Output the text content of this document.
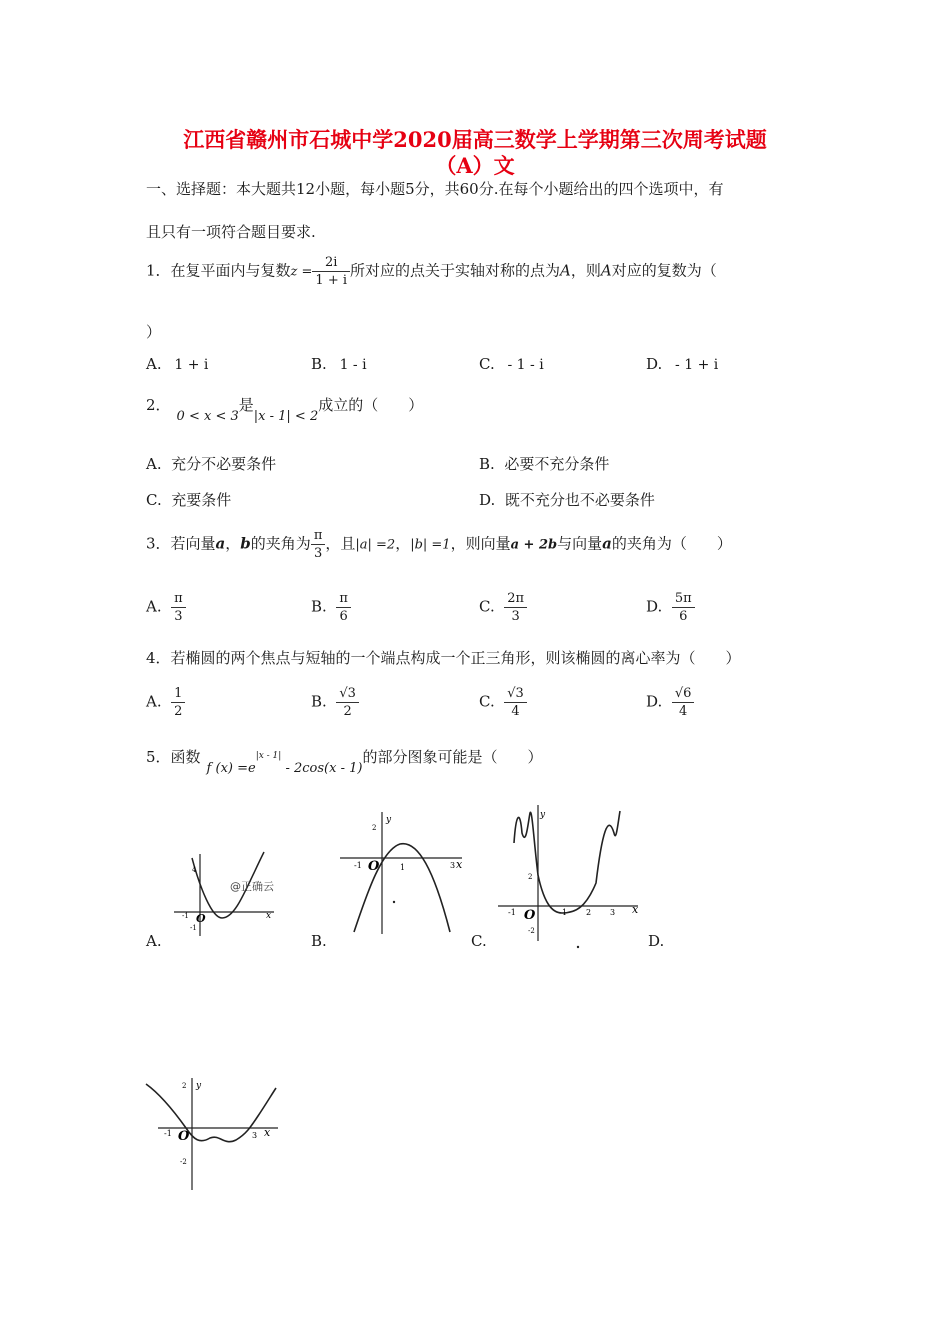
江西省赣州市石城中学2020届高三数学上学期第三次周考试题
（A）文
一、选择题：本大题共12小题，每小题5分，共60分.在每个小题给出的四个选项中，有
且只有一项符合题目要求.
1．在复平面内与复数$z = \frac{2i}{1 + i}$ 所对应的点关于实轴对称的点为A，则A对应的复数为（
）
A. 1 + i	B. 1 - i	C. - 1 - i	D. - 1 + i
2．0 < x < 3是|x - 1| < 2成立的（　　）
A. 充分不必要条件	B. 必要不充分条件
C. 充要条件	D. 既不充分也不必要条件
3．若向量a，b的夹角为 $\frac{\pi}{3}$ ，且|a| =2，|b| =1，则向量a + 2b与向量a的夹角为（　　）
A. $\frac{\pi}{3}$	B. $\frac{\pi}{6}$	C. $\frac{2\pi}{3}$	D. $\frac{5\pi}{6}$
4．若椭圆的两个焦点与短轴的一个端点构成一个正三角形，则该椭圆的离心率为（　　）
A. $\frac{1}{2}$	B. $\frac{√3}{2}$	C. $\frac{√3}{4}$	D. $\frac{√6}{4}$
5．函数f $(x) =e^{|x - 1|} - 2\cos(x - 1)$的部分图象可能是（　　）
-1 O	x
4
-1
@正确云
-1 O	1	3 x
y
2
-1 O	1 2 3 x
y
2
-2
A.	B.	C.	D.
-1 O	3 x
y
2
-2
